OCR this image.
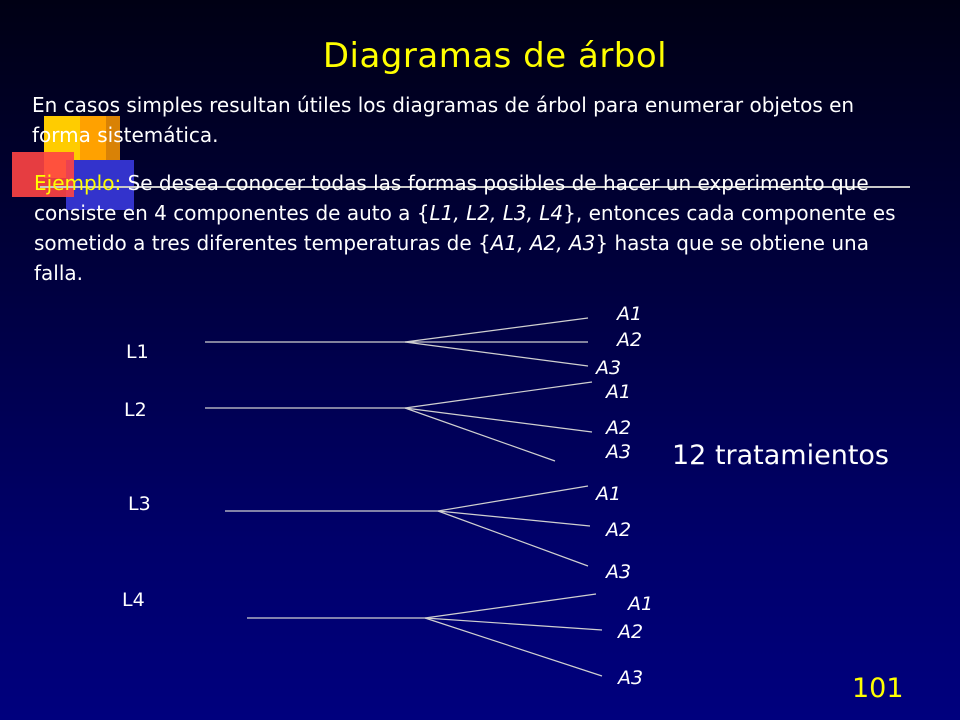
Diagramas de árbol

En casos simples resultan útiles los diagramas de árbol para enumerar objetos en forma sistemática.

Ejemplo: Se desea conocer todas las formas posibles de hacer un experimento que consiste en 4 componentes de auto a {L1, L2, L3, L4}, entonces cada componente es sometido a tres diferentes temperaturas de {A1, A2, A3} hasta que se obtiene una falla.

L1
A1
A2
A3
L2
A1
A2
A3
L3	A1
A2
A3
L4	A1
A2
A3
12 tratamientos
101
